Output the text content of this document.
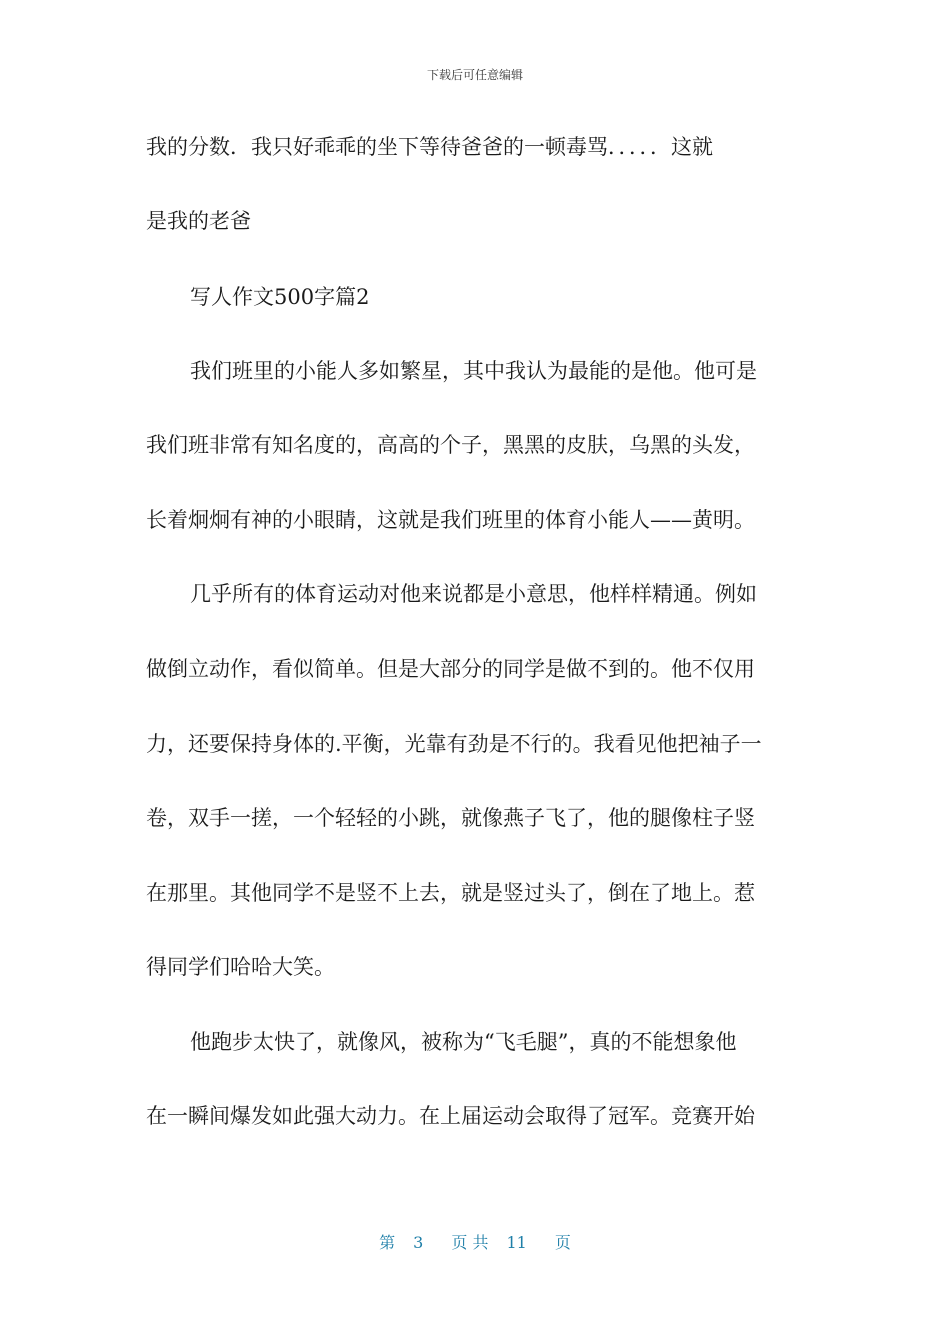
下载后可任意编辑
我的分数．我只好乖乖的坐下等待爸爸的一顿毒骂．．．．．这就
是我的老爸
写人作文500字篇2
我们班里的小能人多如繁星，其中我认为最能的是他。他可是
我们班非常有知名度的，高高的个子，黑黑的皮肤，乌黑的头发，
长着炯炯有神的小眼睛，这就是我们班里的体育小能人——黄明。
几乎所有的体育运动对他来说都是小意思，他样样精通。例如
做倒立动作，看似简单。但是大部分的同学是做不到的。他不仅用
力，还要保持身体的.平衡，光靠有劲是不行的。我看见他把袖子一
卷，双手一搓，一个轻轻的小跳，就像燕子飞了，他的腿像柱子竖
在那里。其他同学不是竖不上去，就是竖过头了，倒在了地上。惹
得同学们哈哈大笑。
他跑步太快了，就像风，被称为“飞毛腿”，真的不能想象他
在一瞬间爆发如此强大动力。在上届运动会取得了冠军。竞赛开始
第 3 页 共 11 页
